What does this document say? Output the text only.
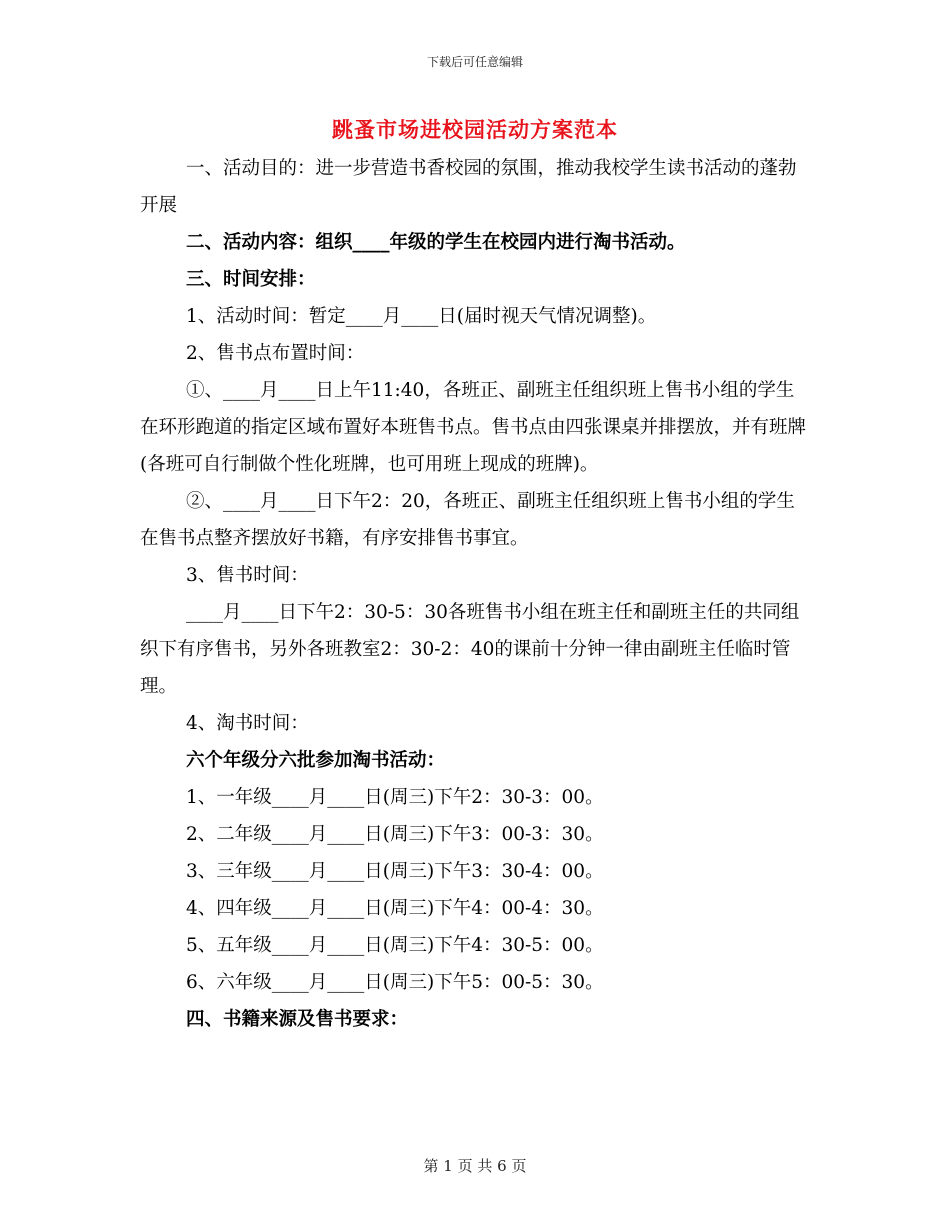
下载后可任意编辑
跳蚤市场进校园活动方案范本

一、活动目的：进一步营造书香校园的氛围，推动我校学生读书活动的蓬勃开展

二、活动内容：组织____年级的学生在校园内进行淘书活动。

三、时间安排：

1、活动时间：暂定____月____日(届时视天气情况调整)。

2、售书点布置时间：

①、____月____日上午11:40，各班正、副班主任组织班上售书小组的学生在环形跑道的指定区域布置好本班售书点。售书点由四张课桌并排摆放，并有班牌(各班可自行制做个性化班牌，也可用班上现成的班牌)。

②、____月____日下午2：20，各班正、副班主任组织班上售书小组的学生在售书点整齐摆放好书籍，有序安排售书事宜。

3、售书时间：

____月____日下午2：30-5：30各班售书小组在班主任和副班主任的共同组织下有序售书，另外各班教室2：30-2：40的课前十分钟一律由副班主任临时管理。

4、淘书时间：

六个年级分六批参加淘书活动：

1、一年级____月____日(周三)下午2：30-3：00。

2、二年级____月____日(周三)下午3：00-3：30。

3、三年级____月____日(周三)下午3：30-4：00。

4、四年级____月____日(周三)下午4：00-4：30。

5、五年级____月____日(周三)下午4：30-5：00。

6、六年级____月____日(周三)下午5：00-5：30。

四、书籍来源及售书要求：

第 1 页 共 6 页
